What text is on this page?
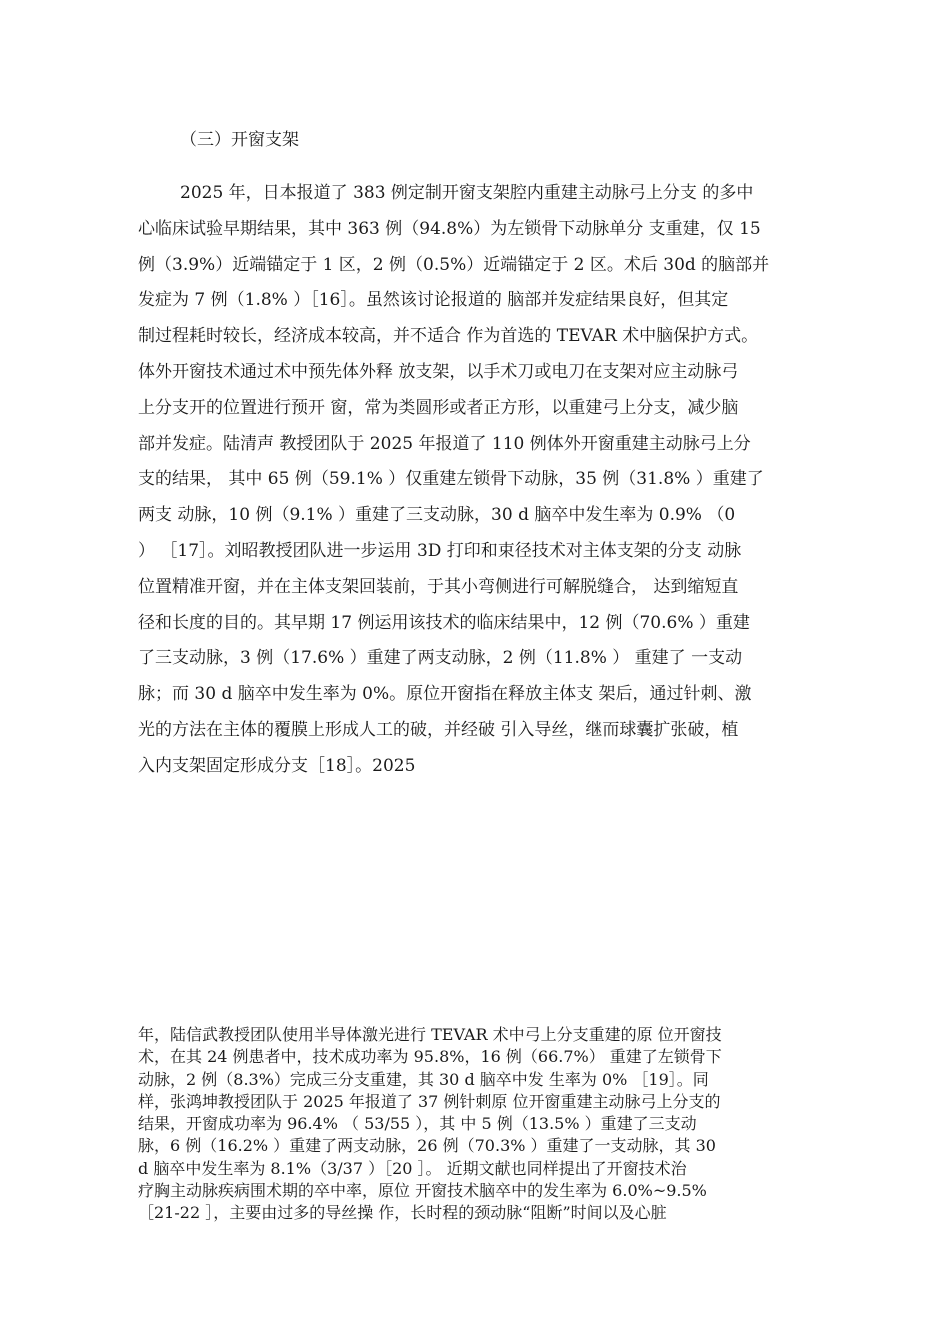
（三）开窗支架
2025 年，日本报道了 383 例定制开窗支架腔内重建主动脉弓上分支 的多中
心临床试验早期结果，其中 363 例（94.8%）为左锁骨下动脉单分 支重建，仅 15
例（3.9%）近端锚定于 1 区，2 例（0.5%）近端锚定于 2 区。术后 30d 的脑部并
发症为 7 例（1.8% ）［16］。虽然该讨论报道的 脑部并发症结果良好，但其定
制过程耗时较长，经济成本较高，并不适合 作为首选的 TEVAR 术中脑保护方式。
体外开窗技术通过术中预先体外释 放支架，以手术刀或电刀在支架对应主动脉弓
上分支开的位置进行预开 窗，常为类圆形或者正方形，以重建弓上分支，减少脑
部并发症。陆清声 教授团队于 2025 年报道了 110 例体外开窗重建主动脉弓上分
支的结果， 其中 65 例（59.1% ）仅重建左锁骨下动脉，35 例（31.8% ）重建了
两支 动脉，10 例（9.1% ）重建了三支动脉，30 d 脑卒中发生率为 0.9% （0
） ［17］。刘昭教授团队进一步运用 3D 打印和束径技术对主体支架的分支 动脉
位置精准开窗，并在主体支架回装前，于其小弯侧进行可解脱缝合， 达到缩短直
径和长度的目的。其早期 17 例运用该技术的临床结果中，12 例（70.6% ）重建
了三支动脉，3 例（17.6% ）重建了两支动脉，2 例（11.8% ） 重建了 一支动
脉；而 30 d 脑卒中发生率为 0%。原位开窗指在释放主体支 架后，通过针刺、激
光的方法在主体的覆膜上形成人工的破，并经破 引入导丝，继而球囊扩张破，植
入内支架固定形成分支［18］。2025
年，陆信武教授团队使用半导体激光进行 TEVAR 术中弓上分支重建的原 位开窗技
术，在其 24 例患者中，技术成功率为 95.8%，16 例（66.7%） 重建了左锁骨下
动脉，2 例（8.3%）完成三分支重建，其 30 d 脑卒中发 生率为 0% ［19］。同
样，张鸿坤教授团队于 2025 年报道了 37 例针刺原 位开窗重建主动脉弓上分支的
结果，开窗成功率为 96.4% （ 53/55 ），其 中 5 例（13.5% ）重建了三支动
脉，6 例（16.2% ）重建了两支动脉，26 例（70.3% ）重建了一支动脉，其 30
d 脑卒中发生率为 8.1%（3/37 ）［20 ］。 近期文献也同样提出了开窗技术治
疗胸主动脉疾病围术期的卒中率，原位 开窗技术脑卒中的发生率为 6.0%~9.5%
［21-22 ］，主要由过多的导丝操 作，长时程的颈动脉“阻断”时间以及心脏
